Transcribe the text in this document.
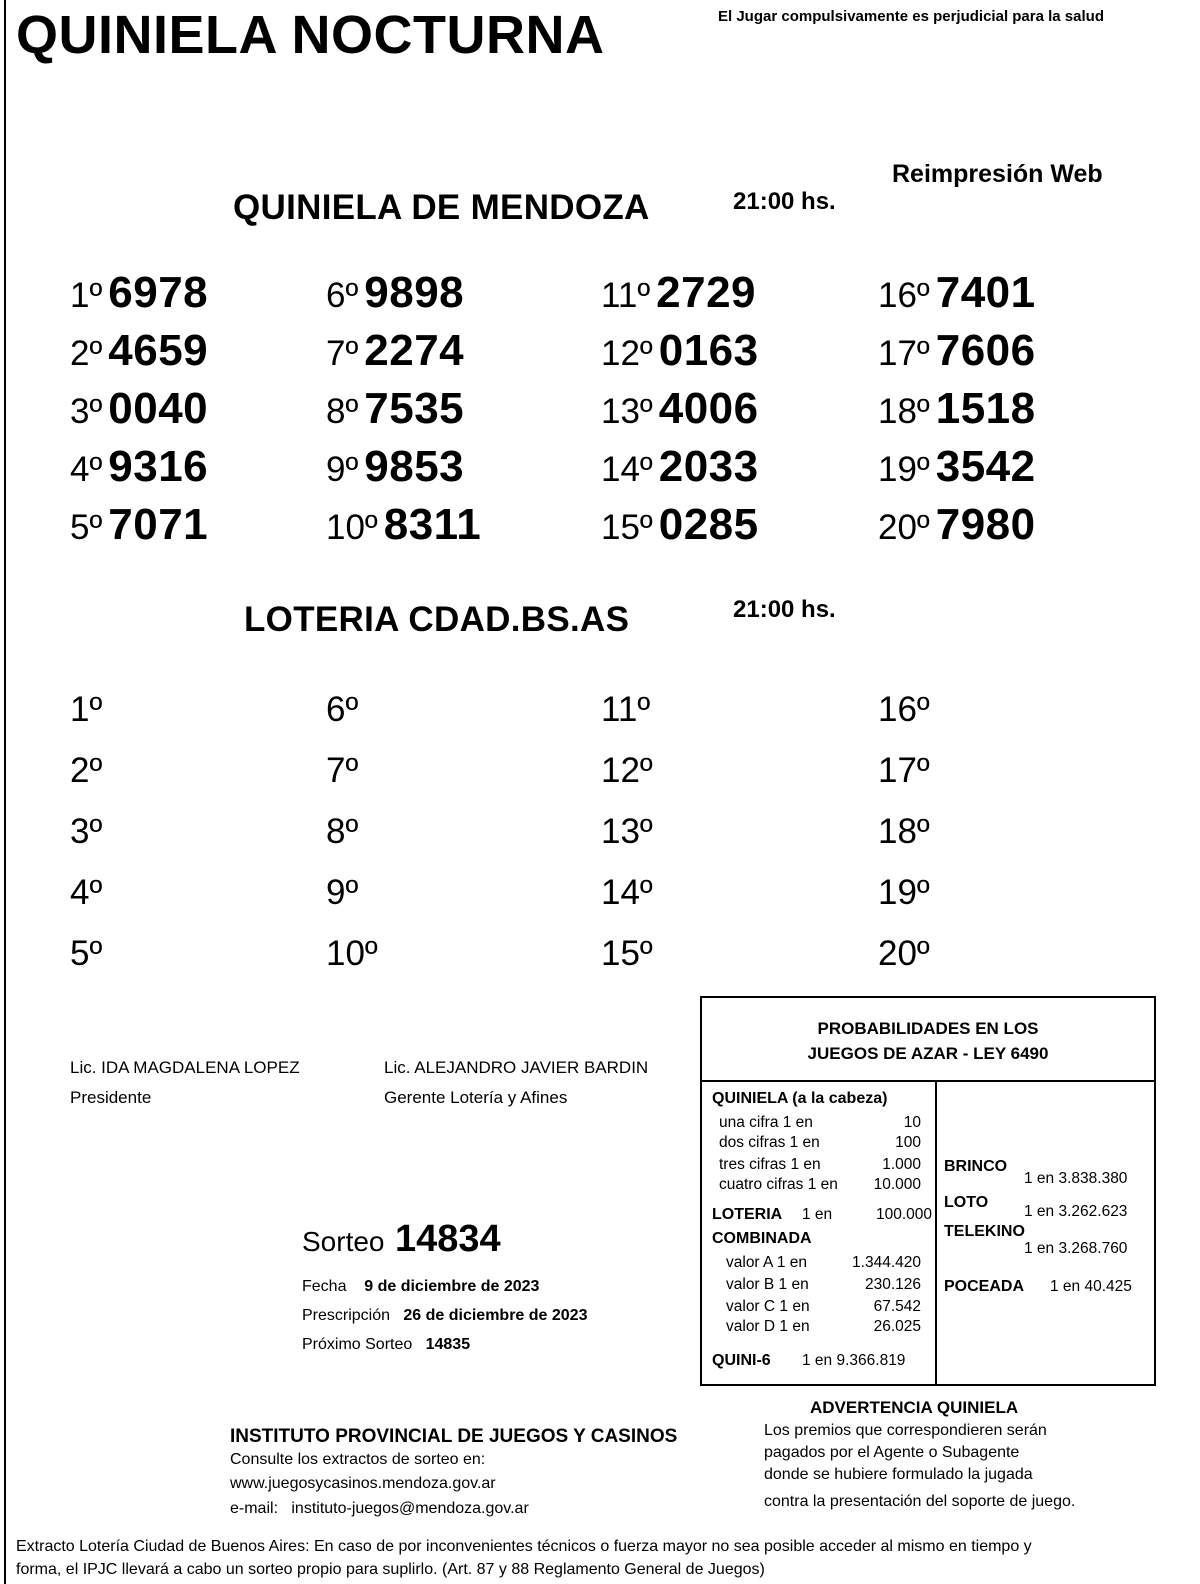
QUINIELA NOCTURNA	El Jugar compulsivamente es perjudicial para la salud
Reimpresión Web
QUINIELA DE MENDOZA	21:00 hs.
1º 6978
2º 4659
3º 0040
4º 9316
5º 7071
6º 9898
7º 2274
8º 7535
9º 9853
10º 8311
11º 2729
12º 0163
13º 4006
14º 2033
15º 0285
16º 7401
17º 7606
18º 1518
19º 3542
20º 7980
LOTERIA CDAD.BS.AS	21:00 hs.
1º
2º
3º
4º
5º
6º
7º
8º
9º
10º
11º
12º
13º
14º
15º
16º
17º
18º
19º
20º
Lic. IDA MAGDALENA LOPEZ
Presidente
Lic. ALEJANDRO JAVIER BARDIN
Gerente Lotería y Afines
Sorteo 14834
Fecha 9 de diciembre de 2023
Prescripción 26 de diciembre de 2023
Próximo Sorteo 14835
PROBABILIDADES EN LOS
JUEGOS DE AZAR - LEY 6490
QUINIELA (a la cabeza)
una cifra 1 en	10
dos cifras 1 en	100
tres cifras 1 en	1.000
cuatro cifras 1 en 10.000
LOTERIA 1 en	100.000
COMBINADA
valor A 1 en	1.344.420
valor B 1 en	230.126
valor C 1 en	67.542
valor D 1 en	26.025
QUINI-6 1 en 9.366.819
BRINCO
1 en 3.838.380
LOTO
1 en 3.262.623
TELEKINO
1 en 3.268.760
POCEADA 1 en 40.425
ADVERTENCIA QUINIELA
Los premios que correspondieren serán
pagados por el Agente o Subagente
donde se hubiere formulado la jugada
contra la presentación del soporte de juego.
INSTITUTO PROVINCIAL DE JUEGOS Y CASINOS
Consulte los extractos de sorteo en:
www.juegosycasinos.mendoza.gov.ar
e-mail: instituto-juegos@mendoza.gov.ar
Extracto Lotería Ciudad de Buenos Aires: En caso de por inconvenientes técnicos o fuerza mayor no sea posible acceder al mismo en tiempo y
forma, el IPJC llevará a cabo un sorteo propio para suplirlo. (Art. 87 y 88 Reglamento General de Juegos)
